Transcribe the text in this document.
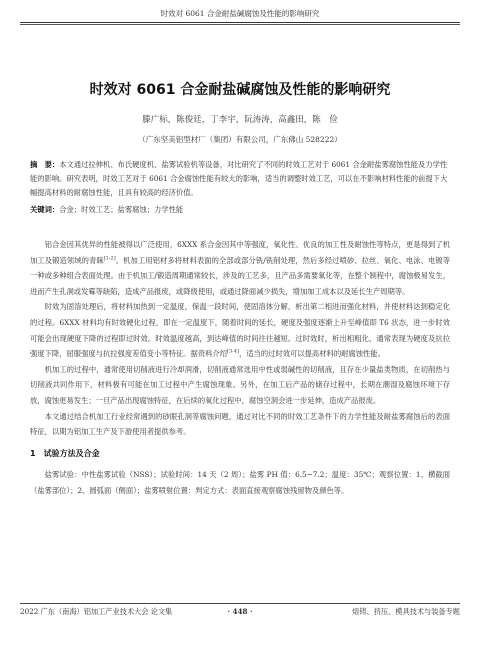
时效对 6061 合金耐盐碱腐蚀及性能的影响研究
时效对 6061 合金耐盐碱腐蚀及性能的影响研究
滕广标，陈俊廷，丁李宇，阮涛涛，高鑫田，陈　俭
（广东坚美铝型材厂（集团）有限公司，广东佛山 528222）
摘　要：本文通过拉伸机、布氏硬度机、盐雾试验机等设备，对比研究了不同的时效工艺对于 6061 合金耐盐雾腐蚀性能及力学性能的影响。研究表明，时效工艺对于 6061 合金腐蚀性能有较大的影响，适当的调整时效工艺，可以在不影响材料性能的前提下大幅提高材料的耐腐蚀性能，且具有较高的经济价值。
关键词：合金；时效工艺；盐雾腐蚀；力学性能

铝合金因其优异的性能被得以广泛使用，6XXX 系合金因其中等强度，氧化性、优良的加工性及耐蚀性等特点，更是得到了机加工及锻造领域的青睐[1-2]。机加工用铝材多将材料表面的全部或部分铣/铣削处理，然后多经过喷砂、拉丝、氧化、电泳、电镀等一种或多种组合表面处理。由于机加工/锻造周期通常较长，涉及的工艺多，且产品多需要氧化等，在整个制程中，腐蚀极易发生，进而产生孔洞或发霉等缺陷，造成产品报废，或降级使用，或通过降面减少损失，增加加工成本以及延长生产周期等。

时效为固溶处理后，将材料加热到一定温度，保温一段时间，使固溶体分解，析出第二相进而强化材料，并使材料达到稳定化的过程。6XXX 材料均有时效硬化过程，即在一定温度下，随着时间的延长，硬度及强度逐渐上升至峰值即 T6 状态，进一步时效可能会出现硬度下降的过程即过时效。时效温度越高，到达峰值的时间往往越短。过时效时，析出相粗化，通常表现为硬度及抗拉强度下降，屈服强度与抗拉强度差值变小等特征。据资料介绍[3-4]，适当的过时效可以提高材料的耐腐蚀性能。

机加工的过程中，通常使用切削液进行冷却润滑，切削液通常选用中性或弱碱性的切削液，且存在少量盐类物质，在切削热与切削液共同作用下，材料极有可能在加工过程中产生腐蚀现象。另外，在加工后产品的储存过程中，长期在潮湿及腐蚀环境下存放，腐蚀更易发生；一旦产品出现腐蚀特征，在后续的氧化过程中，腐蚀空洞会进一步延伸，造成产品报废。

本文通过结合机加工行业经常遇到的砂眼孔洞等腐蚀问题，通过对比不同的时效工艺条件下的力学性能及耐盐雾腐蚀后的表面特征，以期为铝加工生产及下游使用者提供参考。

1　试验方法及合金

盐雾试验：中性盐雾试验（NSS）；试验时间：14 天（2 周）；盐雾 PH 值：6.5~7.2；温度：35℃；观察位置：1、横截面（盐雾部位）；2、圆弧面（侧面）；盐雾喷射位置：判定方式：表面直接观察腐蚀残留物及颜色等。

2022 广东（南海）铝加工产业技术大会 论文集	· 448 ·	熔铸、挤压、模具技术与装备专题
